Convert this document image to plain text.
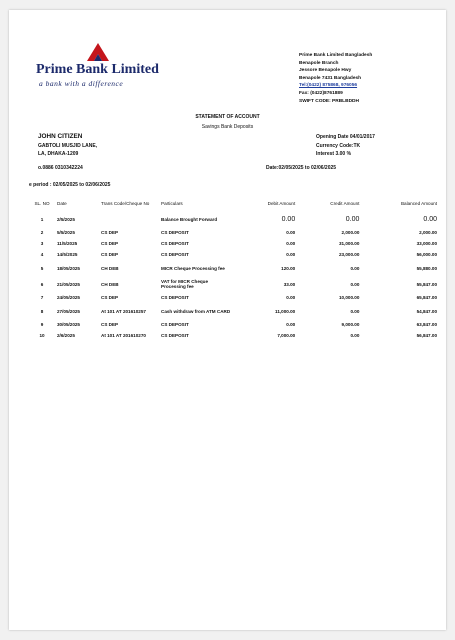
Prime Bank Limited
a bank with a difference
Prime Bank Limited Bangladesh
Benapole Branch
Jessore Benapole Hwy
Benapole 7431 Bangladesh
Tel:(0422) 875868, 976056
Fax: (0422)8761889
SWIFT CODE: PRBLBDDH
STATEMENT OF ACCOUNT
Savings Bank Deposits
JOHN CITIZEN
GABTOLI MUSJID LANE,
LA, DHAKA-1209
Opening Date 04/01/2017
Currency Code:TK
Interest 3.00 %
o.0886 0310342224	Date:02/05/2025 to 02/06/2025
e period : 02/05/2025 to 02/06/2025
SL. NO	Date	Trans Code/Cheque No	Particulars	Debit Amount	Credit Amount	Balanced Amount
1	2/5/2025		Balance Brought Forward	0.00	0.00	0.00
2	5/5/2025	CS DEP	CS DEPOSIT	0.00	2,000.00	2,000.00
3	11/5/2025	CS DEP	CS DEPOSIT	0.00	31,000.00	33,000.00
4	14/5/2025	CS DEP	CS DEPOSIT	0.00	23,000.00	56,000.00
5	18/05/2025	CH DEB	MICR Cheque Processing fee	120.00	0.00	55,880.00
6	21/05/2025	CH DEB	VAT for MICR Cheque Processing fee	33.00	0.00	55,847.00
7	24/05/2025	CS DEP	CS DEPOSIT	0.00	10,000.00	65,847.00
8	27/05/2025	At 101 AT 201610257	Cash withdraw from ATM CARD	11,000.00	0.00	54,847.00
9	30/05/2025	CS DEP	CS DEPOSIT	0.00	9,000.00	63,847.00
10	2/6/2025	At 101 AT 201610270	CS DEPOSIT	7,000.00	0.00	56,847.00
